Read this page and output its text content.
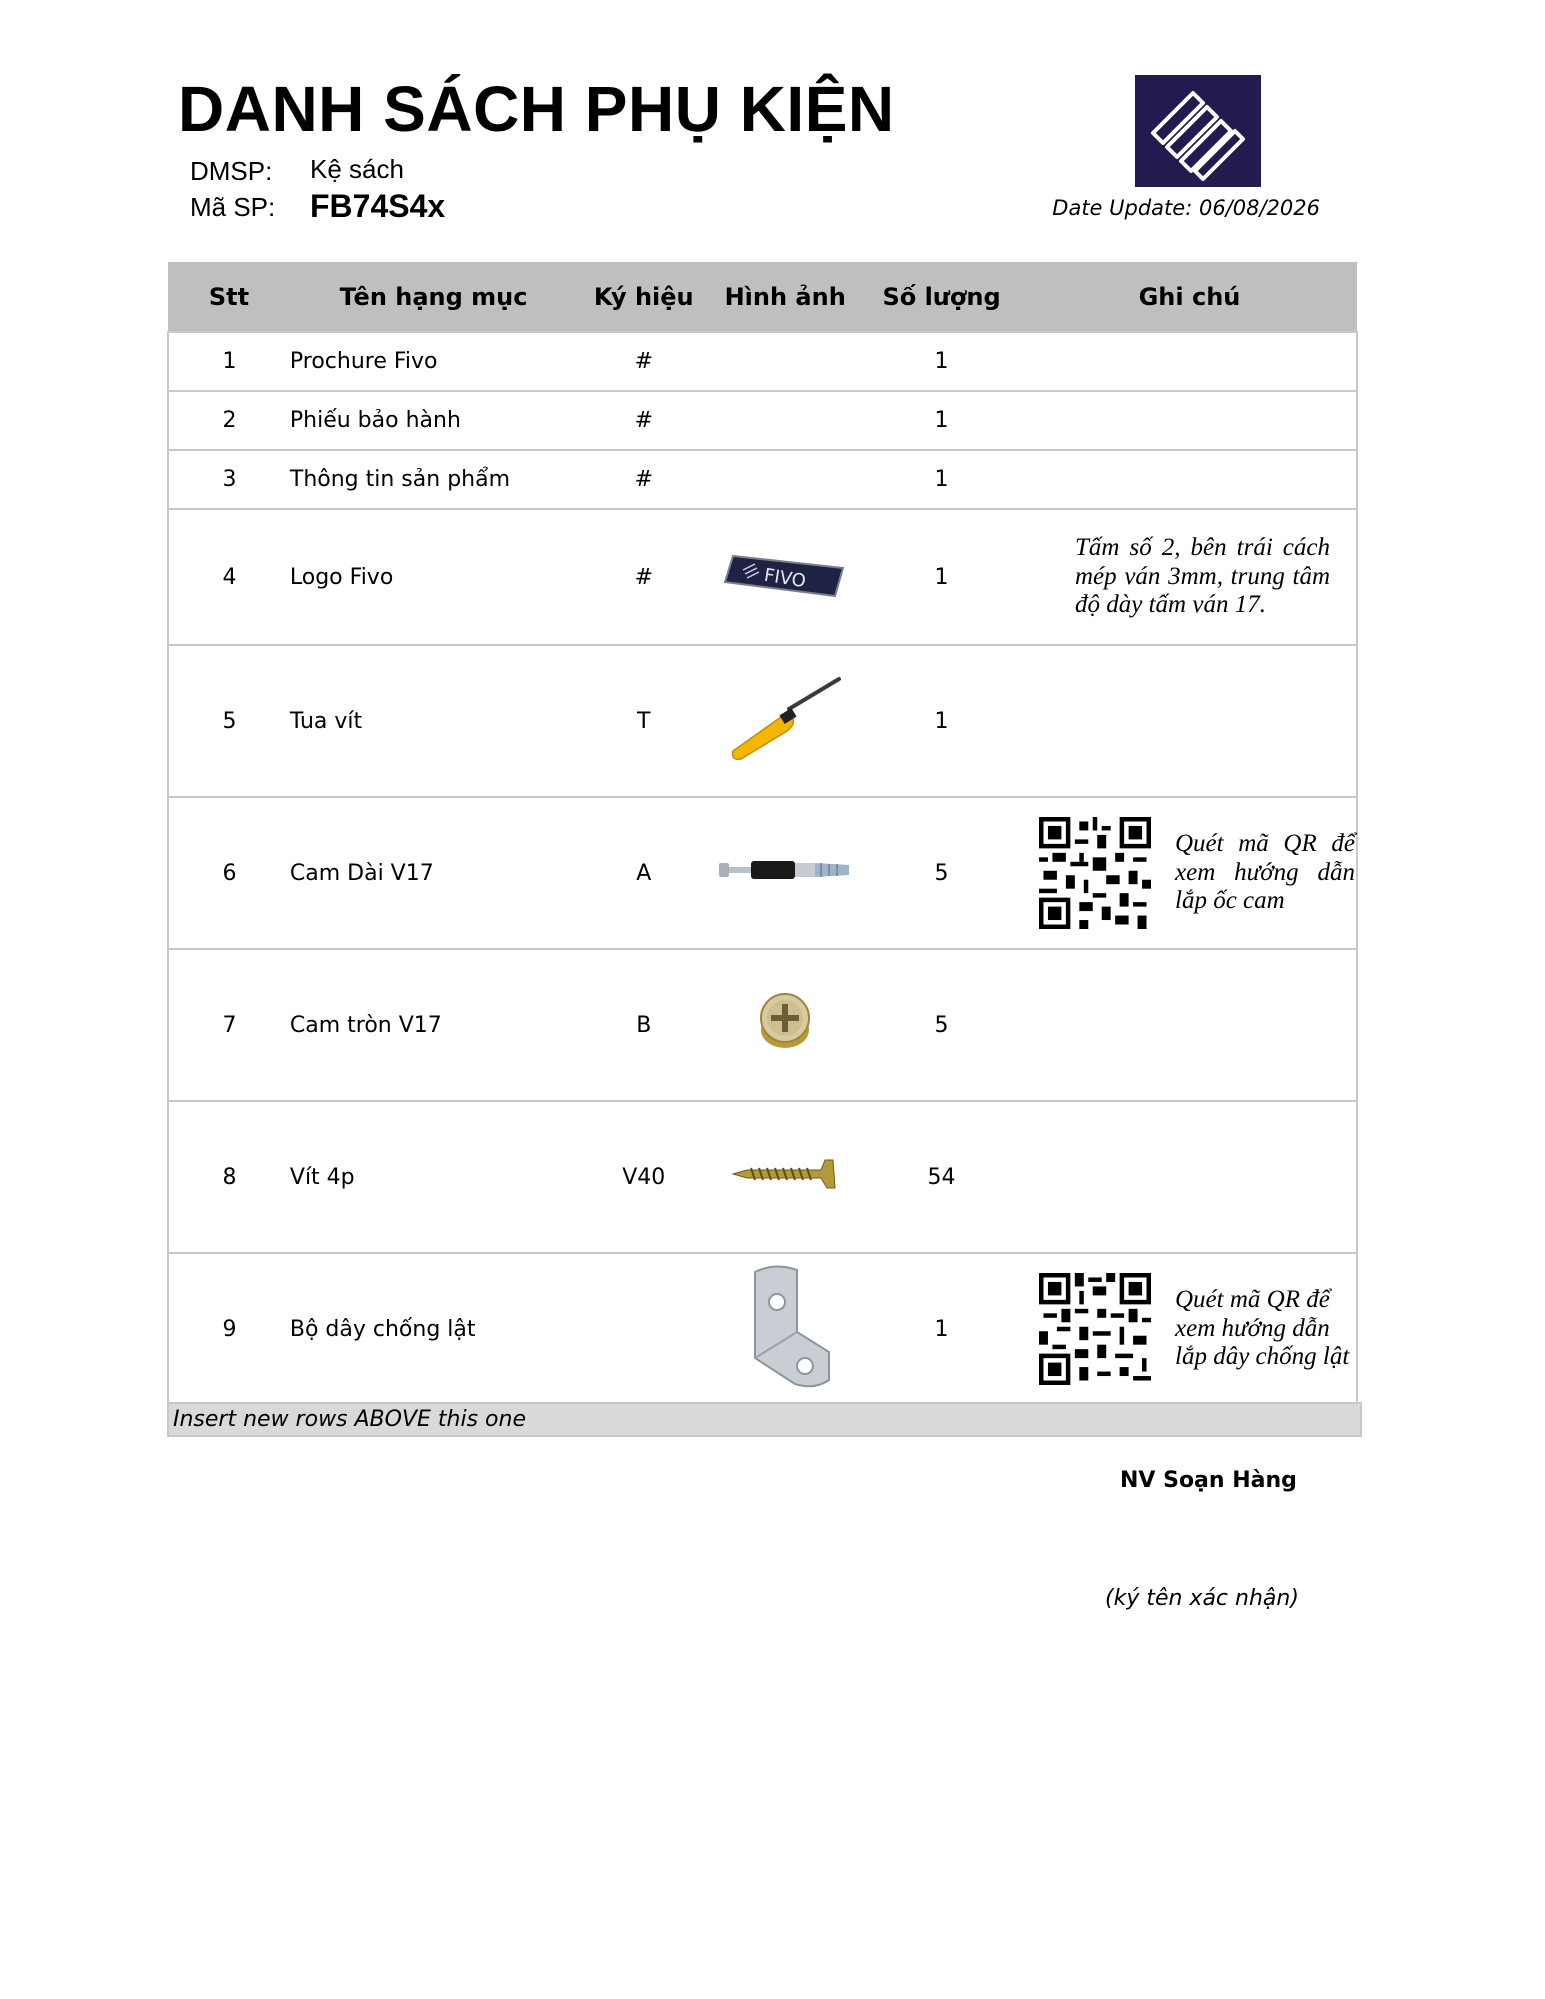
DANH SÁCH PHỤ KIỆN
DMSP: Kệ sách
Mã SP: FB74S4x	Date Update: 06/08/2026
Stt	Tên hạng mục	Ký hiệu	Hình ảnh	Số lượng	Ghi chú
1	Prochure Fivo	#		1	
2	Phiếu bảo hành	#		1	
3	Thông tin sản phẩm	#		1	
4	Logo Fivo	#	FIVO	1	Tấm số 2, bên trái cách mép ván 3mm, trung tâm độ dày tấm ván 17.

5	Tua vít	T		1	
6	Cam Dài V17	A		5	Quét mã QR để xem hướng dẫn lắp ốc cam

7	Cam tròn V17	B		5	
8	Vít 4p	V40		54	
9	Bộ dây chống lật			1	Quét mã QR để xem hướng dẫn lắp dây chống lật
Insert new rows ABOVE this one
NV Soạn Hàng
(ký tên xác nhận)
